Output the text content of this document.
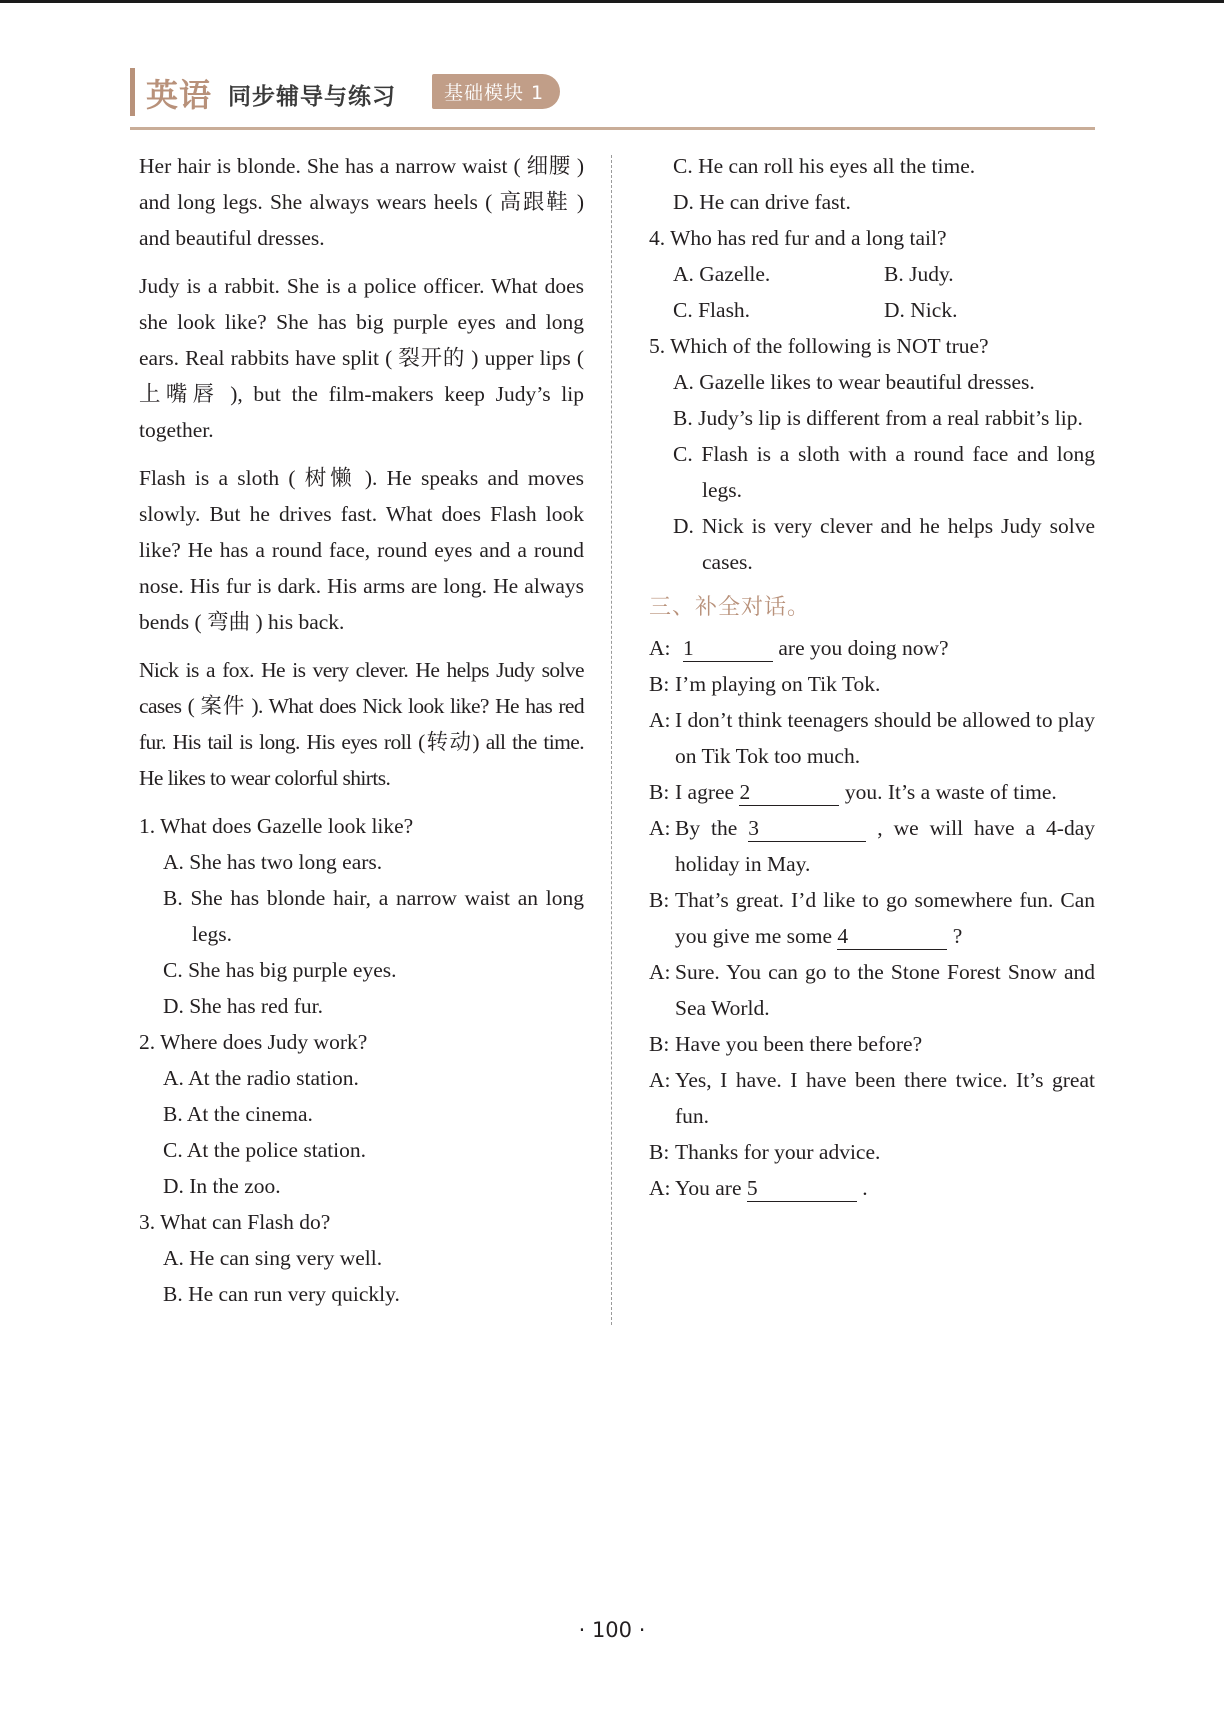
英语 同步辅导与练习	基础模块 1

Her hair is blonde. She has a narrow waist ( 细腰 ) and long legs. She always wears heels ( 高跟鞋 ) and beautiful dresses.

Judy is a rabbit. She is a police officer. What does she look like? She has big purple eyes and long ears. Real rabbits have split ( 裂开的 ) upper lips ( 上嘴唇 ), but the film-makers keep Judy’s lip together.

Flash is a sloth ( 树懒 ). He speaks and moves slowly. But he drives fast. What does Flash look like? He has a round face, round eyes and a round nose. His fur is dark. His arms are long. He always bends ( 弯曲 ) his back.

Nick is a fox. He is very clever. He helps Judy solve cases ( 案件 ). What does Nick look like? He has red fur. His tail is long. His eyes roll (转动) all the time. He likes to wear colorful shirts.

1. What does Gazelle look like?

A. She has two long ears.

B. She has blonde hair, a narrow waist an long legs.

C. She has big purple eyes.

D. She has red fur.

2. Where does Judy work?

A. At the radio station.

B. At the cinema.

C. At the police station.

D. In the zoo.

3. What can Flash do?

A. He can sing very well.

B. He can run very quickly.

C. He can roll his eyes all the time.

D. He can drive fast.

4. Who has red fur and a long tail?

A. Gazelle.	B. Judy.
C. Flash.	D. Nick.

5. Which of the following is NOT true?

A. Gazelle likes to wear beautiful dresses.

B. Judy’s lip is different from a real rabbit’s lip.

C. Flash is a sloth with a round face and long legs.

D. Nick is very clever and he helps Judy solve cases.

三、补全对话。

A: 1	are you doing now?

B: I’m playing on Tik Tok.

A: I don’t think teenagers should be allowed to play on Tik Tok too much.

B: I agree 2	you. It’s a waste of time.

A: By the 3	, we will have a 4-day holiday in May.

B: That’s great. I’d like to go somewhere fun. Can you give me some 4	?

A: Sure. You can go to the Stone Forest Snow and Sea World.

B: Have you been there before?

A: Yes, I have. I have been there twice. It’s great fun.

B: Thanks for your advice.

A: You are 5	.

· 100 ·
